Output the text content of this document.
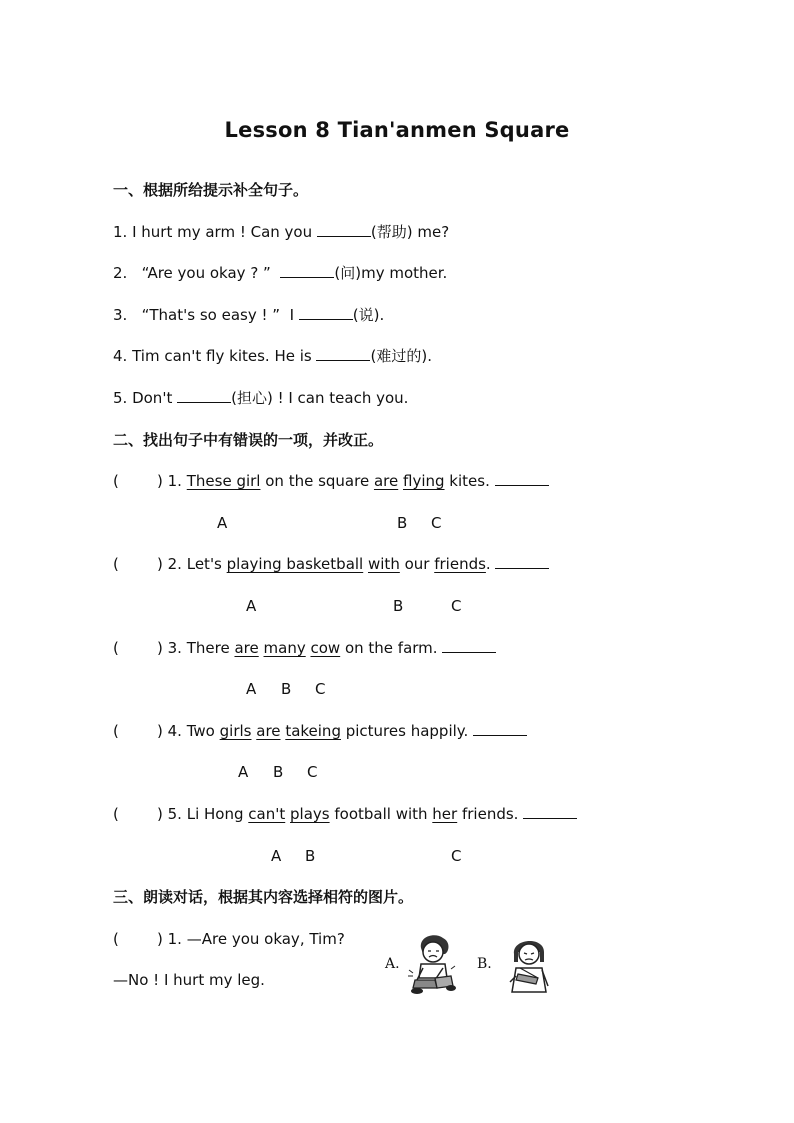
Lesson 8 Tian'anmen Square
一、根据所给提示补全句子。
1. I hurt my arm ! Can you	(帮助) me?
2.   “Are you okay ? ”	(问)my mother.
3.   “That's so easy ! ”  I	(说).
4. Tim can't fly kites. He is	(难过的).
5. Don't	(担心) ! I can teach you.
二、找出句子中有错误的一项，并改正。
(        ) 1. These girl on the square are flying kites.
A	B C
(        ) 2. Let's playing basketball with our friends.
A	B	C
(        ) 3. There are many cow on the farm.
A B C
(        ) 4. Two girls are takeing pictures happily.
A B C
(        ) 5. Li Hong can't plays football with her friends.
A B	C
三、朗读对话，根据其内容选择相符的图片。
(        ) 1. —Are you okay, Tim?
—No ! I hurt my leg.
A.	B.
